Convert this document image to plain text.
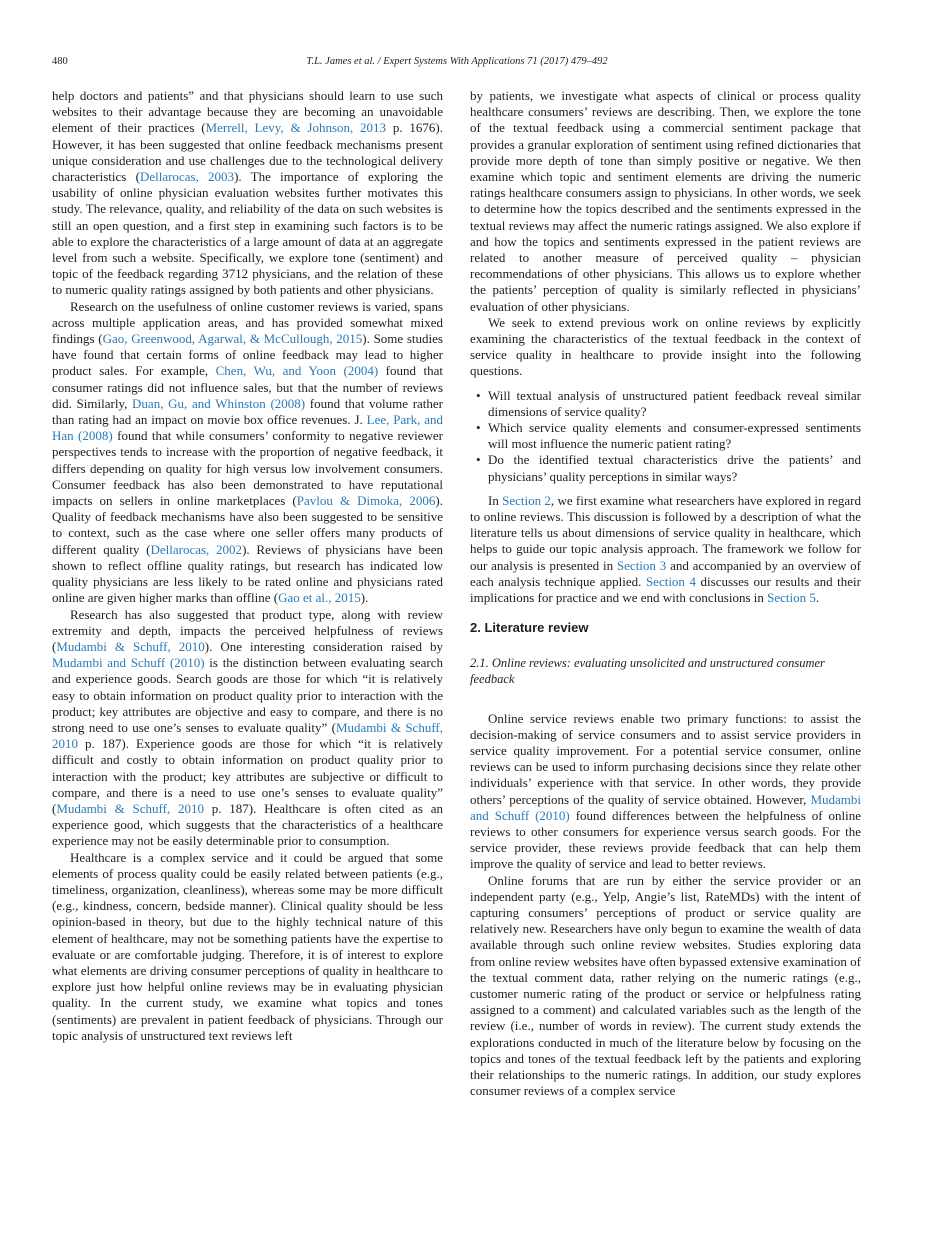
480	T.L. James et al. / Expert Systems With Applications 71 (2017) 479–492

help doctors and patients” and that physicians should learn to use such websites to their advantage because they are becoming an unavoidable element of their practices (Merrell, Levy, & Johnson, 2013 p. 1676). However, it has been suggested that online feedback mechanisms present unique consideration and use challenges due to the technological delivery characteristics (Dellarocas, 2003). The importance of exploring the usability of online physician evaluation websites further motivates this study. The relevance, quality, and reliability of the data on such websites is still an open question, and a first step in examining such factors is to be able to explore the characteristics of a large amount of data at an aggregate level from such a website. Specifically, we explore tone (sentiment) and topic of the feedback regarding 3712 physicians, and the relation of these to numeric quality ratings assigned by both patients and other physicians.

Research on the usefulness of online customer reviews is varied, spans across multiple application areas, and has provided somewhat mixed findings (Gao, Greenwood, Agarwal, & McCullough, 2015). Some studies have found that certain forms of online feedback may lead to higher product sales. For example, Chen, Wu, and Yoon (2004) found that consumer ratings did not influence sales, but that the number of reviews did. Similarly, Duan, Gu, and Whinston (2008) found that volume rather than rating had an impact on movie box office revenues. J. Lee, Park, and Han (2008) found that while consumers’ conformity to negative reviewer perspectives tends to increase with the proportion of negative feedback, it differs depending on quality for high versus low involvement consumers. Consumer feedback has also been demonstrated to have reputational impacts on sellers in online marketplaces (Pavlou & Dimoka, 2006). Quality of feedback mechanisms have also been suggested to be sensitive to context, such as the case where one seller offers many products of different quality (Dellarocas, 2002). Reviews of physicians have been shown to reflect offline quality ratings, but research has indicated low quality physicians are less likely to be rated online and physicians rated online are given higher marks than offline (Gao et al., 2015).

Research has also suggested that product type, along with review extremity and depth, impacts the perceived helpfulness of reviews (Mudambi & Schuff, 2010). One interesting consideration raised by Mudambi and Schuff (2010) is the distinction between evaluating search and experience goods. Search goods are those for which “it is relatively easy to obtain information on product quality prior to interaction with the product; key attributes are objective and easy to compare, and there is no strong need to use one’s senses to evaluate quality” (Mudambi & Schuff, 2010 p. 187). Experience goods are those for which “it is relatively difficult and costly to obtain information on product quality prior to interaction with the product; key attributes are subjective or difficult to compare, and there is a need to use one’s senses to evaluate quality” (Mudambi & Schuff, 2010 p. 187). Healthcare is often cited as an experience good, which suggests that the characteristics of a healthcare experience may not be easily determinable prior to consumption.

Healthcare is a complex service and it could be argued that some elements of process quality could be easily related between patients (e.g., timeliness, organization, cleanliness), whereas some may be more difficult (e.g., kindness, concern, bedside manner). Clinical quality should be less opinion-based in theory, but due to the highly technical nature of this element of healthcare, may not be something patients have the expertise to evaluate or are comfortable judging. Therefore, it is of interest to explore what elements are driving consumer perceptions of quality in healthcare to explore just how helpful online reviews may be in evaluating physician quality. In the current study, we examine what topics and tones (sentiments) are prevalent in patient feedback of physicians. Through our topic analysis of unstructured text reviews left

by patients, we investigate what aspects of clinical or process quality healthcare consumers’ reviews are describing. Then, we explore the tone of the textual feedback using a commercial sentiment package that provides a granular exploration of sentiment using refined dictionaries that provide more depth of tone than simply positive or negative. We then examine which topic and sentiment elements are driving the numeric ratings healthcare consumers assign to physicians. In other words, we seek to determine how the topics described and the sentiments expressed in the textual reviews may affect the numeric ratings assigned. We also explore if and how the topics and sentiments expressed in the patient reviews are related to another measure of perceived quality – physician recommendations of other physicians. This allows us to explore whether the patients’ perception of quality is similarly reflected in physicians’ evaluation of other physicians.

We seek to extend previous work on online reviews by explicitly examining the characteristics of the textual feedback in the context of service quality in healthcare to provide insight into the following questions.

• Will textual analysis of unstructured patient feedback reveal similar dimensions of service quality?
• Which service quality elements and consumer-expressed sentiments will most influence the numeric patient rating?
• Do the identified textual characteristics drive the patients’ and physicians’ quality perceptions in similar ways?

In Section 2, we first examine what researchers have explored in regard to online reviews. This discussion is followed by a description of what the literature tells us about dimensions of service quality in healthcare, which helps to guide our topic analysis approach. The framework we follow for our analysis is presented in Section 3 and accompanied by an overview of each analysis technique applied. Section 4 discusses our results and their implications for practice and we end with conclusions in Section 5.

2. Literature review
2.1. Online reviews: evaluating unsolicited and unstructured consumer feedback

Online service reviews enable two primary functions: to assist the decision-making of service consumers and to assist service providers in service quality improvement. For a potential service consumer, online reviews can be used to inform purchasing decisions since they relate other individuals’ experience with that service. In other words, they provide others’ perceptions of the quality of service obtained. However, Mudambi and Schuff (2010) found differences between the helpfulness of online reviews to other consumers for experience versus search goods. For the service provider, these reviews provide feedback that can help them improve the quality of service and lead to better reviews.

Online forums that are run by either the service provider or an independent party (e.g., Yelp, Angie’s list, RateMDs) with the intent of capturing consumers’ perceptions of product or service quality are relatively new. Researchers have only begun to examine the wealth of data available through such online review websites. Studies exploring data from online review websites have often bypassed extensive examination of the textual comment data, rather relying on the numeric ratings (e.g., customer numeric rating of the product or service or helpfulness rating assigned to a comment) and calculated variables such as the length of the review (i.e., number of words in review). The current study extends the explorations conducted in much of the literature below by focusing on the topics and tones of the textual feedback left by the patients and exploring their relationships to the numeric ratings. In addition, our study explores consumer reviews of a complex service
